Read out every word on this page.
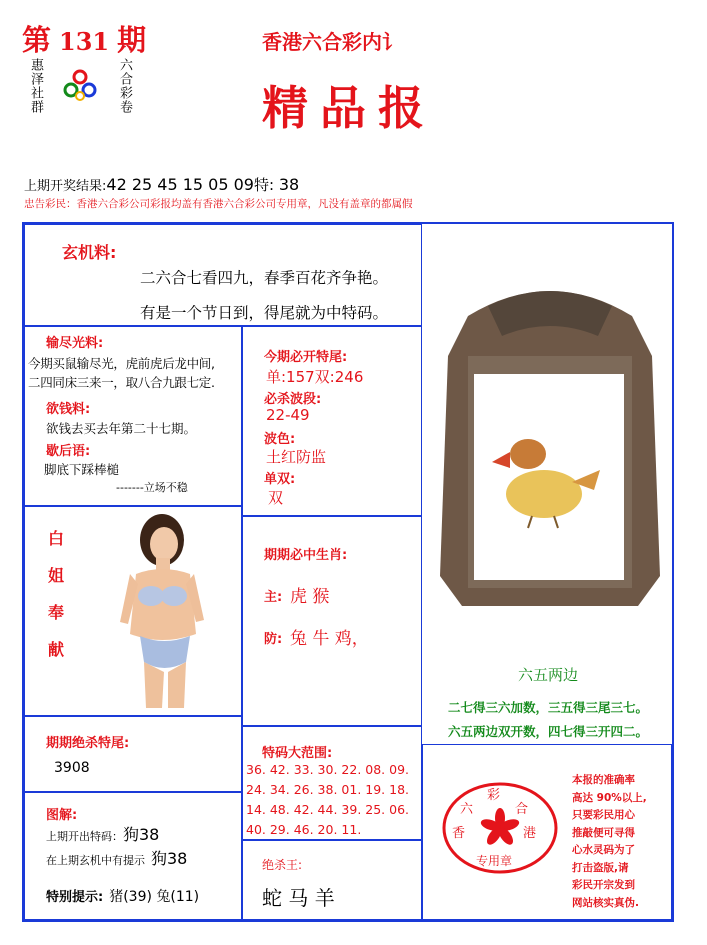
第 131 期
惠泽社群	六合彩卷
香港六合彩内讠
精品报
上期开奖结果:42 25 45 15 05 09特: 38
忠告彩民：香港六合彩公司彩报均盖有香港六合彩公司专用章，凡没有盖章的都属假
玄机料:
二六合七看四九，春季百花齐争艳。
有是一个节日到，得尾就为中特码。
输尽光料:
今期买鼠输尽光，虎前虎后龙中间,
二四同床三来一，取八合九跟七定.
欲钱料:
欲钱去买去年第二十七期。
歇后语:
脚底下踩棒槌
-------立场不稳
今期必开特尾:
单:157双:246
必杀波段:
22-49
波色:
土红防监
单双:
双
白姐奉献
期期必中生肖:
主: 虎 猴
防: 兔 牛 鸡，
六五两边
二七得三六加数，三五得三尾三七。
六五两边双开数，四七得三开四二。
期期绝杀特尾:
3908
特码大范围:
36. 42. 33. 30. 22. 08. 09.
24. 34. 26. 38. 01. 19. 18.
14. 48. 42. 44. 39. 25. 06.
40. 29. 46. 20. 11.
图解:
上期开出特码：狗38
在上期玄机中有提示 狗38
特别提示: 猪(39) 兔(11)
绝杀王:
蛇 马 羊
六
彩
合
香	港
专用章
本报的准确率
高达 90%以上,
只要彩民用心
推敲便可寻得
心水灵码为了
打击盗版,请
彩民开宗发到
网站核实真伪.
